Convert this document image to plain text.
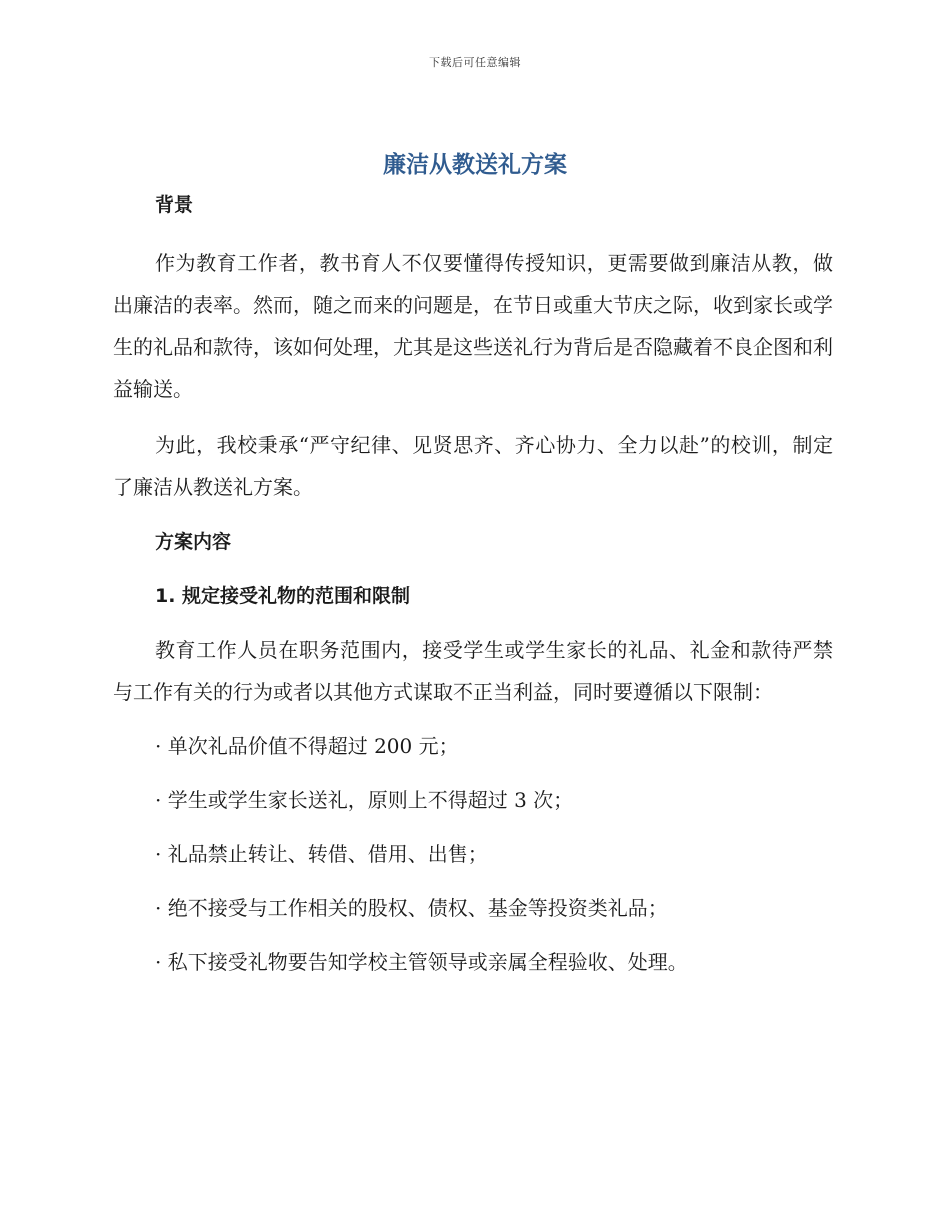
下载后可任意编辑
廉洁从教送礼方案

背景

作为教育工作者，教书育人不仅要懂得传授知识，更需要做到廉洁从教，做出廉洁的表率。然而，随之而来的问题是，在节日或重大节庆之际，收到家长或学生的礼品和款待，该如何处理，尤其是这些送礼行为背后是否隐藏着不良企图和利益输送。

为此，我校秉承“严守纪律、见贤思齐、齐心协力、全力以赴”的校训，制定了廉洁从教送礼方案。

方案内容

1. 规定接受礼物的范围和限制

教育工作人员在职务范围内，接受学生或学生家长的礼品、礼金和款待严禁与工作有关的行为或者以其他方式谋取不正当利益，同时要遵循以下限制：

· 单次礼品价值不得超过 200 元；

· 学生或学生家长送礼，原则上不得超过 3 次；

· 礼品禁止转让、转借、借用、出售；

· 绝不接受与工作相关的股权、债权、基金等投资类礼品；

· 私下接受礼物要告知学校主管领导或亲属全程验收、处理。
